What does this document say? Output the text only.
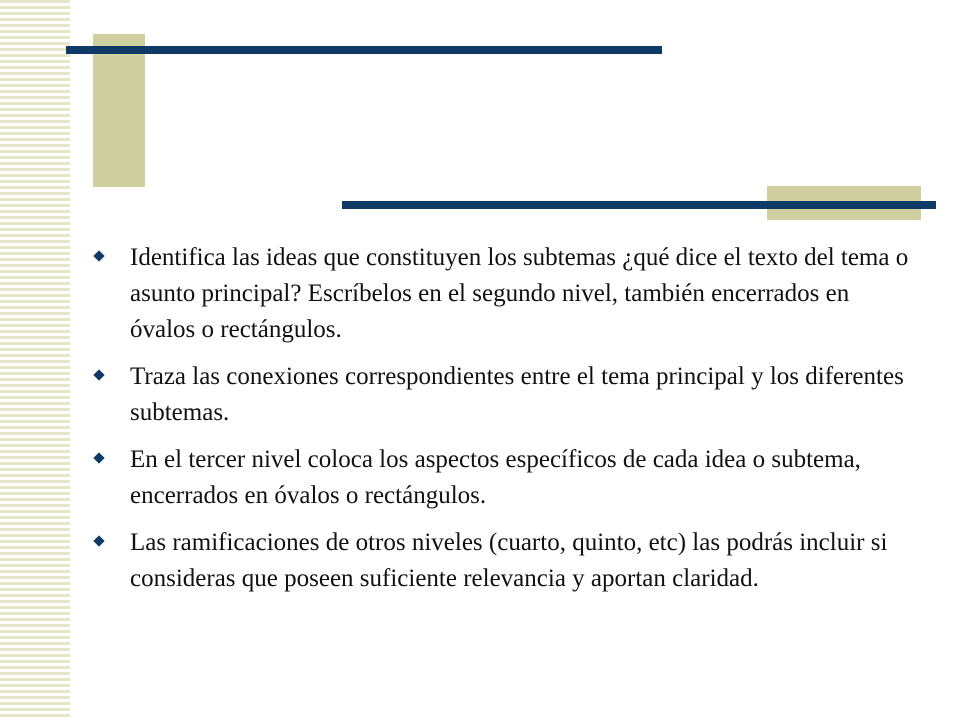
Identifica las ideas que constituyen los subtemas ¿qué dice el texto del tema o asunto principal? Escríbelos en el segundo nivel, también encerrados en óvalos o rectángulos.
Traza las conexiones correspondientes entre el tema principal y los diferentes subtemas.
En el tercer nivel coloca los aspectos específicos de cada idea o subtema, encerrados en óvalos o rectángulos.
Las ramificaciones de otros niveles (cuarto, quinto, etc) las podrás incluir si consideras que poseen suficiente relevancia y aportan claridad.
